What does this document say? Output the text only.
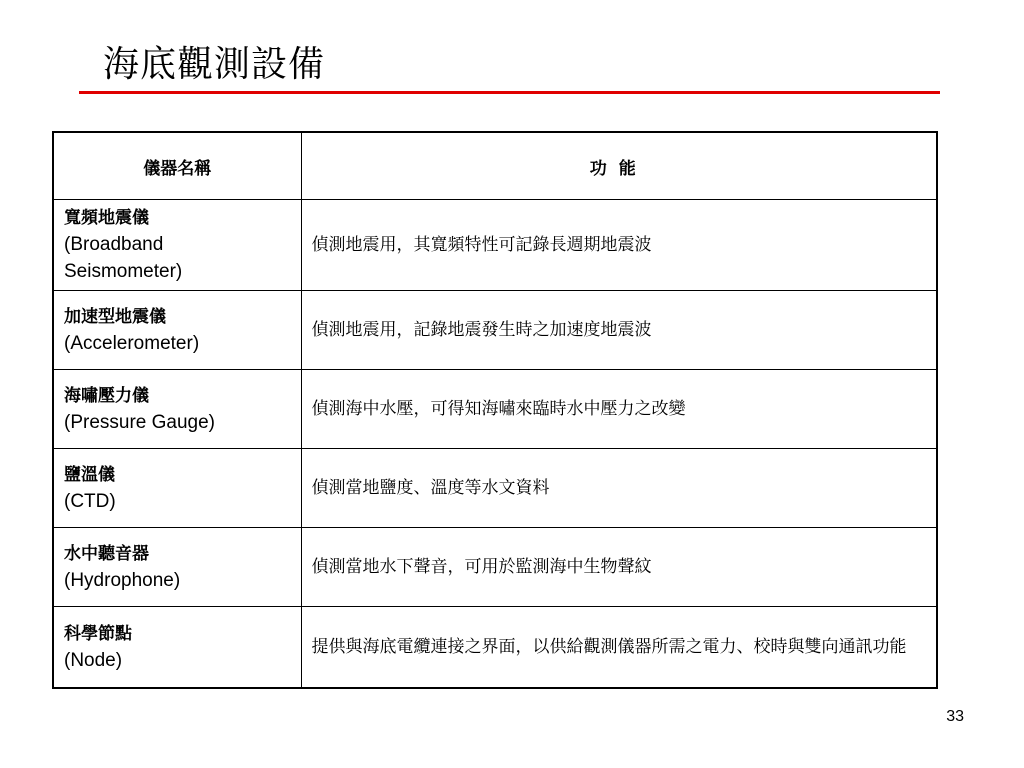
海底觀測設備
儀器名稱	功能

寬頻地震儀
(Broadband
Seismometer)	偵測地震用，其寬頻特性可記錄長週期地震波

加速型地震儀
(Accelerometer)	偵測地震用，記錄地震發生時之加速度地震波

海嘯壓力儀
(Pressure Gauge)	偵測海中水壓，可得知海嘯來臨時水中壓力之改變

鹽溫儀
(CTD)	偵測當地鹽度、溫度等水文資料

水中聽音器
(Hydrophone)	偵測當地水下聲音，可用於監測海中生物聲紋

科學節點
(Node)	提供與海底電纜連接之界面，以供給觀測儀器所需之電力、校時與雙向通訊功能
33
